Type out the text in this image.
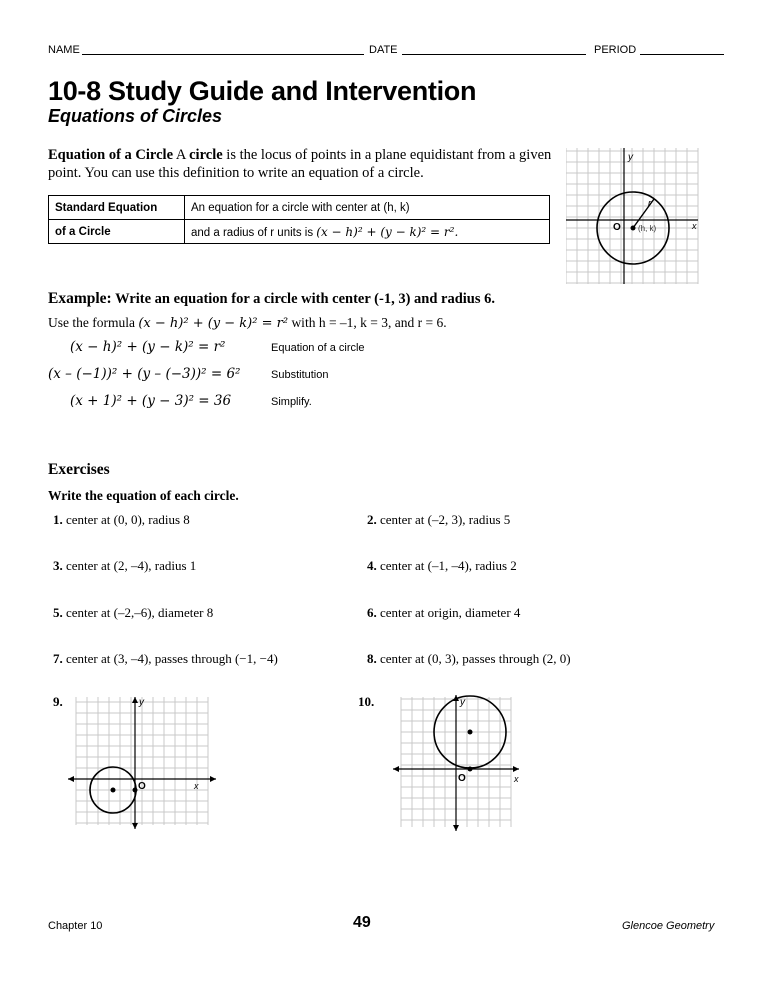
NAME	DATE	PERIOD
10-8 Study Guide and Intervention
Equations of Circles
Equation of a Circle A circle is the locus of points in a plane equidistant from a given point. You can use this definition to write an equation of a circle.
Standard Equation	An equation for a circle with center at (h, k)
of a Circle	and a radius of r units is (x − h)² + (y − k)² = r².
y
r
O (h, k)	x
Example: Write an equation for a circle with center (-1, 3) and radius 6.
Use the formula (x − h)² + (y − k)² = r² with h = –1, k = 3, and r = 6.
(x − h)² + (y − k)² = r²	Equation of a circle
(x – (−1))² + (y – (−3))² = 6²	Substitution
(x + 1)² + (y − 3)² = 36	Simplify.
Exercises
Write the equation of each circle.
1. center at (0, 0), radius 8	2. center at (–2, 3), radius 5
3. center at (2, –4), radius 1	4. center at (–1, –4), radius 2
5. center at (–2,–6), diameter 8	6. center at origin, diameter 4
7. center at (3, –4), passes through (−1, −4)	8. center at (0, 3), passes through (2, 0)
9.	10.
y
O	x
y
O	x
Chapter 10	49	Glencoe Geometry
